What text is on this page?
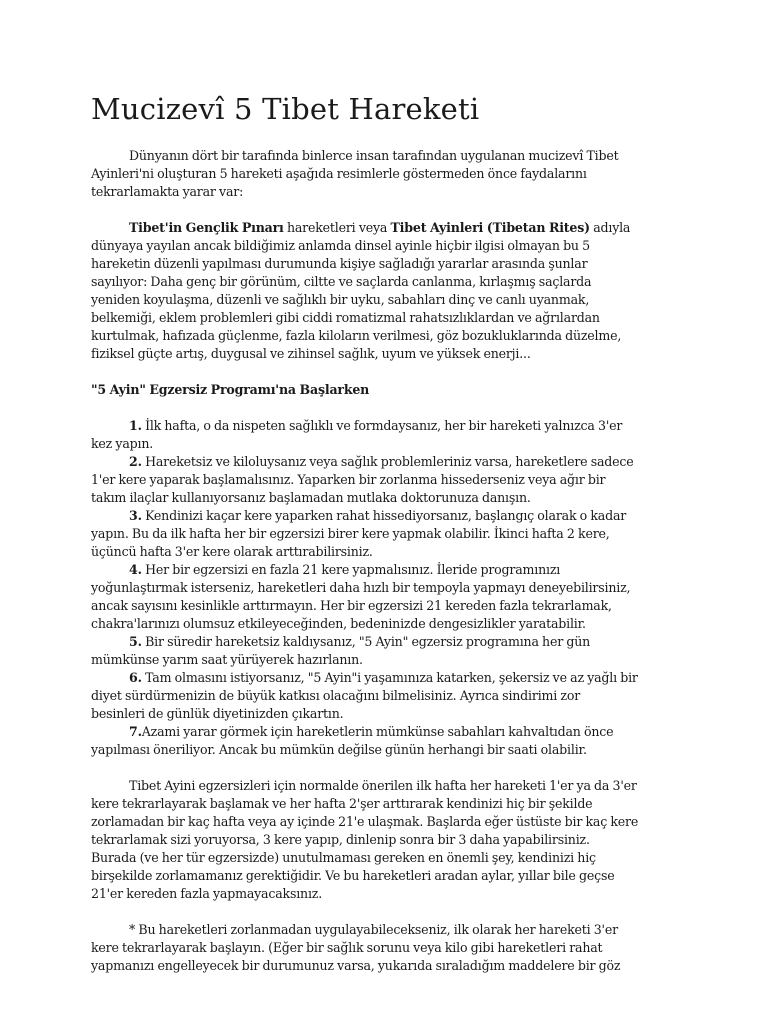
Mucizevî 5 Tibet Hareketi
Dünyanın dört bir tarafında binlerce insan tarafından uygulanan mucizevî Tibet
Ayinleri'ni oluşturan 5 hareketi aşağıda resimlerle göstermeden önce faydalarını
tekrarlamakta yarar var:
Tibet'in Gençlik Pınarı hareketleri veya Tibet Ayinleri (Tibetan Rites) adıyla
dünyaya yayılan ancak bildiğimiz anlamda dinsel ayinle hiçbir ilgisi olmayan bu 5
hareketin düzenli yapılması durumunda kişiye sağladığı yararlar arasında şunlar
sayılıyor: Daha genç bir görünüm, ciltte ve saçlarda canlanma, kırlaşmış saçlarda
yeniden koyulaşma, düzenli ve sağlıklı bir uyku, sabahları dinç ve canlı uyanmak,
belkemiği, eklem problemleri gibi ciddi romatizmal rahatsızlıklardan ve ağrılardan
kurtulmak, hafızada güçlenme, fazla kiloların verilmesi, göz bozukluklarında düzelme,
fiziksel güçte artış, duygusal ve zihinsel sağlık, uyum ve yüksek enerji...
"5 Ayin" Egzersiz Programı'na Başlarken
1. İlk hafta, o da nispeten sağlıklı ve formdaysanız, her bir hareketi yalnızca 3'er
kez yapın.
2. Hareketsiz ve kiloluysanız veya sağlık problemleriniz varsa, hareketlere sadece
1'er kere yaparak başlamalısınız. Yaparken bir zorlanma hissederseniz veya ağır bir
takım ilaçlar kullanıyorsanız başlamadan mutlaka doktorunuza danışın.
3. Kendinizi kaçar kere yaparken rahat hissediyorsanız, başlangıç olarak o kadar
yapın. Bu da ilk hafta her bir egzersizi birer kere yapmak olabilir. İkinci hafta 2 kere,
üçüncü hafta 3'er kere olarak arttırabilirsiniz.
4. Her bir egzersizi en fazla 21 kere yapmalısınız. İleride programınızı
yoğunlaştırmak isterseniz, hareketleri daha hızlı bir tempoyla yapmayı deneyebilirsiniz,
ancak sayısını kesinlikle arttırmayın. Her bir egzersizi 21 kereden fazla tekrarlamak,
chakra'larınızı olumsuz etkileyeceğinden, bedeninizde dengesizlikler yaratabilir.
5. Bir süredir hareketsiz kaldıysanız, "5 Ayin" egzersiz programına her gün
mümkünse yarım saat yürüyerek hazırlanın.
6. Tam olmasını istiyorsanız, "5 Ayin"i yaşamınıza katarken, şekersiz ve az yağlı bir
diyet sürdürmenizin de büyük katkısı olacağını bilmelisiniz. Ayrıca sindirimi zor
besinleri de günlük diyetinizden çıkartın.
7.Azami yarar görmek için hareketlerin mümkünse sabahları kahvaltıdan önce
yapılması öneriliyor. Ancak bu mümkün değilse günün herhangi bir saati olabilir.
Tibet Ayini egzersizleri için normalde önerilen ilk hafta her hareketi 1'er ya da 3'er
kere tekrarlayarak başlamak ve her hafta 2'şer arttırarak kendinizi hiç bir şekilde
zorlamadan bir kaç hafta veya ay içinde 21'e ulaşmak. Başlarda eğer üstüste bir kaç kere
tekrarlamak sizi yoruyorsa, 3 kere yapıp, dinlenip sonra bir 3 daha yapabilirsiniz.
Burada (ve her tür egzersizde) unutulmaması gereken en önemli şey, kendinizi hiç
birşekilde zorlamamanız gerektiğidir. Ve bu hareketleri aradan aylar, yıllar bile geçse
21'er kereden fazla yapmayacaksınız.
* Bu hareketleri zorlanmadan uygulayabilecekseniz, ilk olarak her hareketi 3'er
kere tekrarlayarak başlayın. (Eğer bir sağlık sorunu veya kilo gibi hareketleri rahat
yapmanızı engelleyecek bir durumunuz varsa, yukarıda sıraladığım maddelere bir göz
